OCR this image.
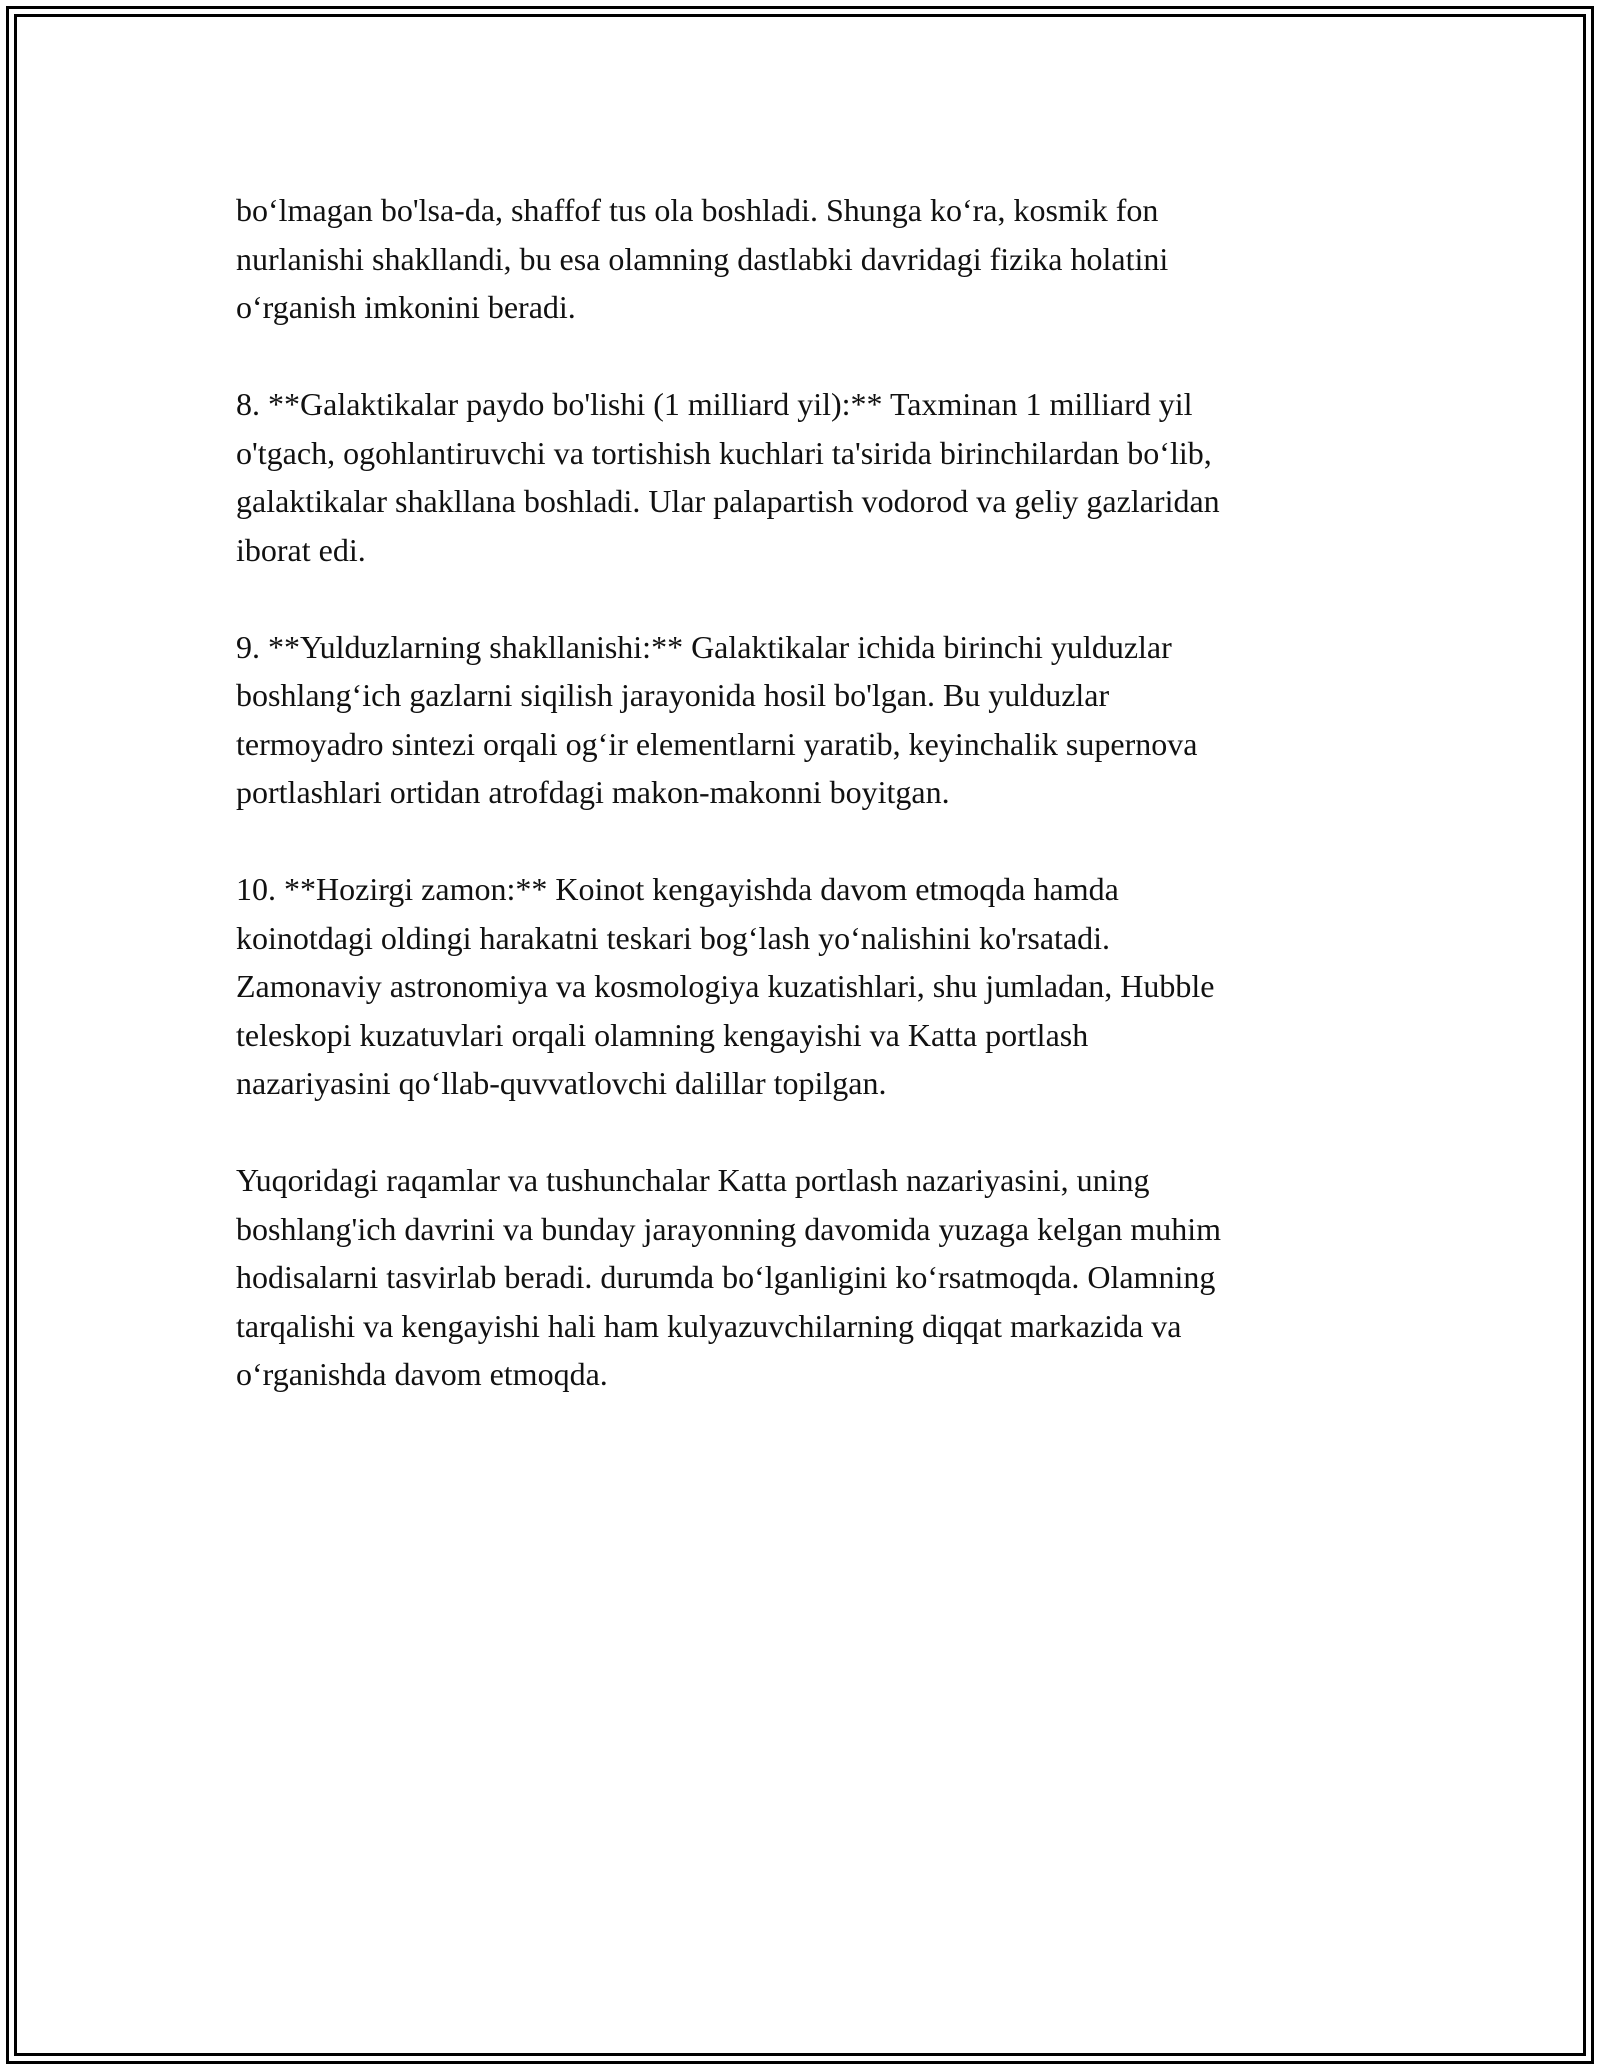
bo‘lmagan bo'lsa-da, shaffof tus ola boshladi. Shunga ko‘ra, kosmik fon
nurlanishi shakllandi, bu esa olamning dastlabki davridagi fizika holatini
o‘rganish imkonini beradi.

8. **Galaktikalar paydo bo'lishi (1 milliard yil):** Taxminan 1 milliard yil
o'tgach, ogohlantiruvchi va tortishish kuchlari ta'sirida birinchilardan bo‘lib,
galaktikalar shakllana boshladi. Ular palapartish vodorod va geliy gazlaridan
iborat edi.

9. **Yulduzlarning shakllanishi:** Galaktikalar ichida birinchi yulduzlar
boshlang‘ich gazlarni siqilish jarayonida hosil bo'lgan. Bu yulduzlar
termoyadro sintezi orqali og‘ir elementlarni yaratib, keyinchalik supernova
portlashlari ortidan atrofdagi makon-makonni boyitgan.

10. **Hozirgi zamon:** Koinot kengayishda davom etmoqda hamda
koinotdagi oldingi harakatni teskari bog‘lash yo‘nalishini ko'rsatadi.
Zamonaviy astronomiya va kosmologiya kuzatishlari, shu jumladan, Hubble
teleskopi kuzatuvlari orqali olamning kengayishi va Katta portlash
nazariyasini qo‘llab-quvvatlovchi dalillar topilgan.

Yuqoridagi raqamlar va tushunchalar Katta portlash nazariyasini, uning
boshlang'ich davrini va bunday jarayonning davomida yuzaga kelgan muhim
hodisalarni tasvirlab beradi. durumda bo‘lganligini ko‘rsatmoqda. Olamning
tarqalishi va kengayishi hali ham kulyazuvchilarning diqqat markazida va
o‘rganishda davom etmoqda.
